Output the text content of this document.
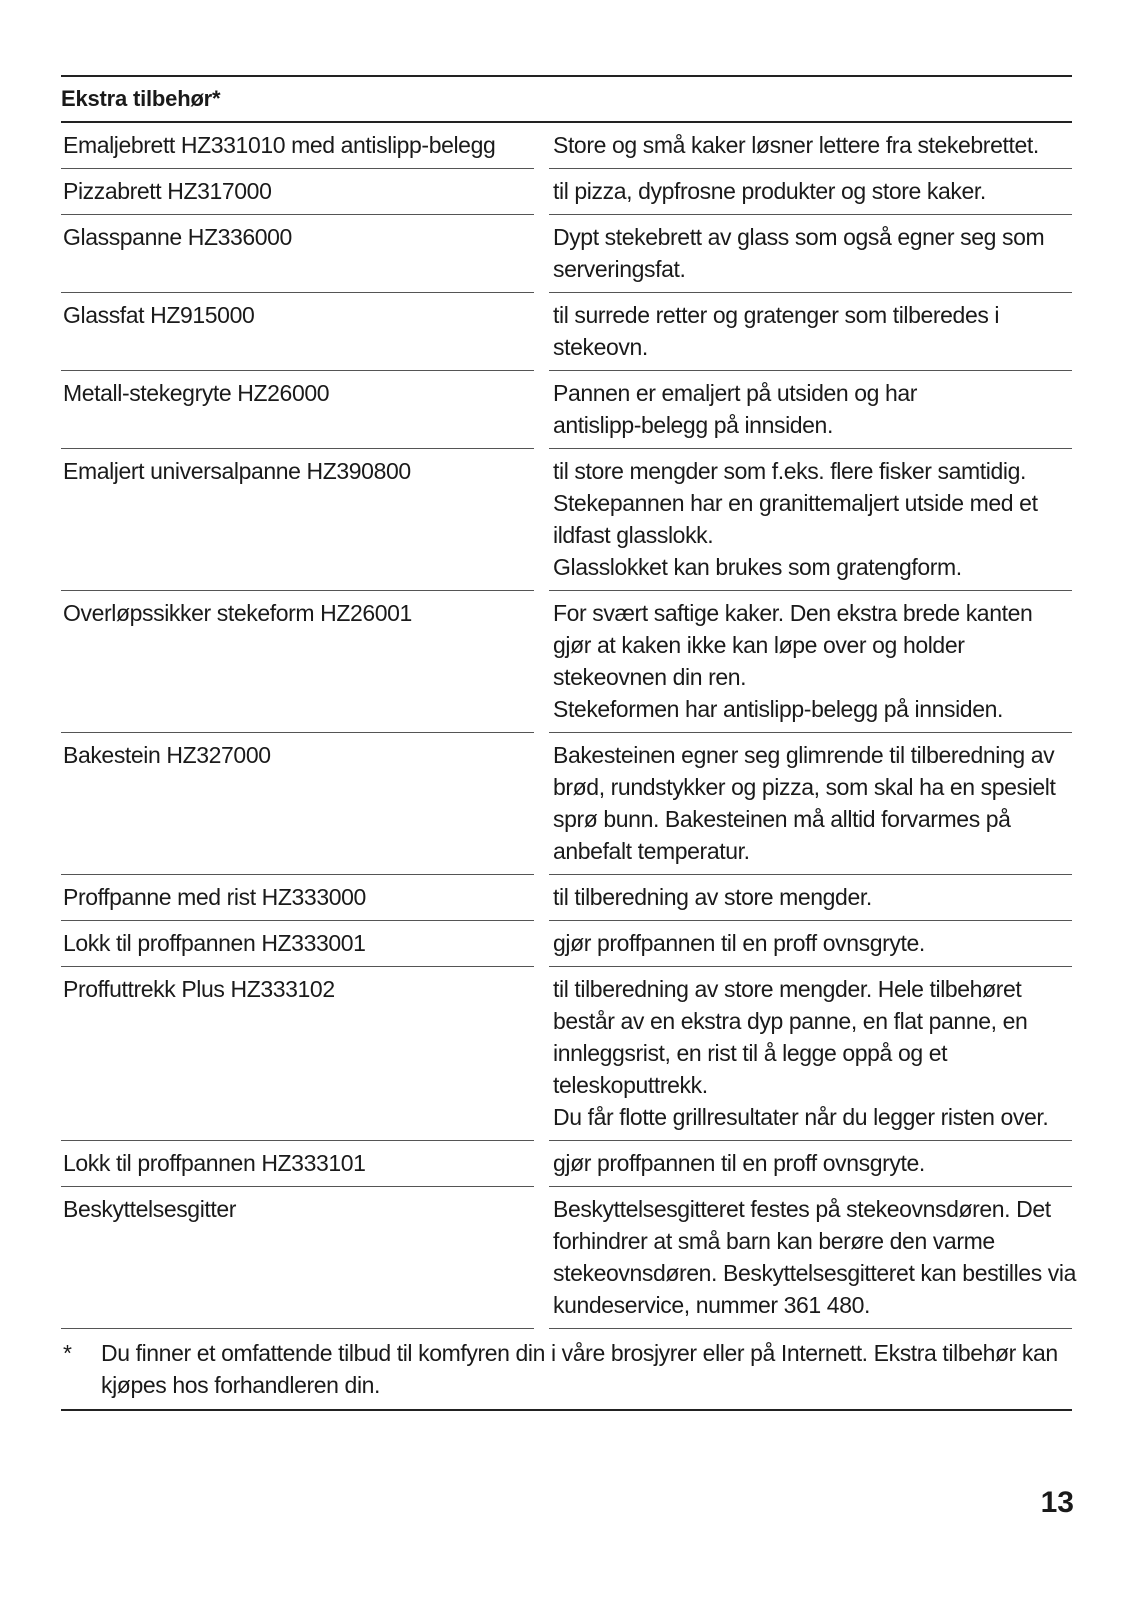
Ekstra tilbehør*
Emaljebrett HZ331010 med antislipp-belegg	Store og små kaker løsner lettere fra stekebrettet.
Pizzabrett HZ317000	til pizza, dypfrosne produkter og store kaker.
Glasspanne HZ336000	Dypt stekebrett av glass som også egner seg som
serveringsfat.
Glassfat HZ915000	til surrede retter og gratenger som tilberedes i
stekeovn.
Metall-stekegryte HZ26000	Pannen er emaljert på utsiden og har
antislipp-belegg på innsiden.
Emaljert universalpanne HZ390800	til store mengder som f.eks. flere fisker samtidig.
Stekepannen har en granittemaljert utside med et
ildfast glasslokk.
Glasslokket kan brukes som gratengform.
Overløpssikker stekeform HZ26001	For svært saftige kaker. Den ekstra brede kanten
gjør at kaken ikke kan løpe over og holder
stekeovnen din ren.
Stekeformen har antislipp-belegg på innsiden.
Bakestein HZ327000	Bakesteinen egner seg glimrende til tilberedning av
brød, rundstykker og pizza, som skal ha en spesielt
sprø bunn. Bakesteinen må alltid forvarmes på
anbefalt temperatur.
Proffpanne med rist HZ333000	til tilberedning av store mengder.
Lokk til proffpannen HZ333001	gjør proffpannen til en proff ovnsgryte.
Proffuttrekk Plus HZ333102	til tilberedning av store mengder. Hele tilbehøret
består av en ekstra dyp panne, en flat panne, en
innleggsrist, en rist til å legge oppå og et
teleskoputtrekk.
Du får flotte grillresultater når du legger risten over.
Lokk til proffpannen HZ333101	gjør proffpannen til en proff ovnsgryte.
Beskyttelsesgitter	Beskyttelsesgitteret festes på stekeovnsdøren. Det
forhindrer at små barn kan berøre den varme
stekeovnsdøren. Beskyttelsesgitteret kan bestilles via
kundeservice, nummer 361 480.
*	Du finner et omfattende tilbud til komfyren din i våre brosjyrer eller på Internett. Ekstra tilbehør kan
kjøpes hos forhandleren din.
13
